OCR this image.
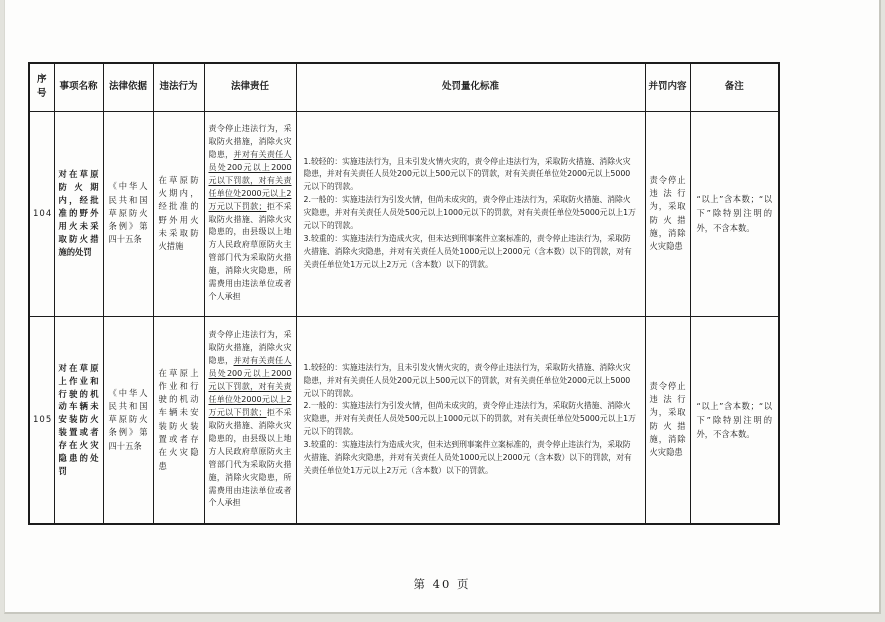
序号	事项名称	法律依据	违法行为	法律责任	处罚量化标准	并罚内容	备注
104	对在草原防火期内，经批准的野外用火未采取防火措施的处罚	《中华人民共和国草原防火条例》第四十五条	在草原防火期内，经批准的野外用火未采取防火措施	责令停止违法行为，采取防火措施，消除火灾隐患，并对有关责任人员处200元以上2000元以下罚款，对有关责任单位处2000元以上2万元以下罚款；拒不采取防火措施、消除火灾隐患的，由县级以上地方人民政府草原防火主管部门代为采取防火措施，消除火灾隐患，所需费用由违法单位或者个人承担	1.较轻的：实施违法行为，且未引发火情火灾的，责令停止违法行为，采取防火措施、消除火灾隐患，并对有关责任人员处200元以上500元以下的罚款，对有关责任单位处2000元以上5000元以下的罚款。

2.一般的：实施违法行为引发火情，但尚未成灾的，责令停止违法行为，采取防火措施、消除火灾隐患，并对有关责任人员处500元以上1000元以下的罚款，对有关责任单位处5000元以上1万元以下的罚款。

3.较重的：实施违法行为造成火灾，但未达到刑事案件立案标准的，责令停止违法行为，采取防火措施、消除火灾隐患，并对有关责任人员处1000元以上2000元（含本数）以下的罚款，对有关责任单位处1万元以上2万元（含本数）以下的罚款。	责令停止违法行为，采取防火措施，消除火灾隐患	“以上”含本数；“以下”除特别注明的外，不含本数。
105	对在草原上作业和行驶的机动车辆未安装防火装置或者存在火灾隐患的处罚	《中华人民共和国草原防火条例》第四十五条	在草原上作业和行驶的机动车辆未安装防火装置或者存在火灾隐患	责令停止违法行为，采取防火措施，消除火灾隐患，并对有关责任人员处200元以上2000元以下罚款，对有关责任单位处2000元以上2万元以下罚款；拒不采取防火措施、消除火灾隐患的，由县级以上地方人民政府草原防火主管部门代为采取防火措施，消除火灾隐患，所需费用由违法单位或者个人承担	1.较轻的：实施违法行为，且未引发火情火灾的，责令停止违法行为，采取防火措施、消除火灾隐患，并对有关责任人员处200元以上500元以下的罚款，对有关责任单位处2000元以上5000元以下的罚款。

2.一般的：实施违法行为引发火情，但尚未成灾的，责令停止违法行为，采取防火措施、消除火灾隐患，并对有关责任人员处500元以上1000元以下的罚款，对有关责任单位处5000元以上1万元以下的罚款。

3.较重的：实施违法行为造成火灾，但未达到刑事案件立案标准的，责令停止违法行为，采取防火措施、消除火灾隐患，并对有关责任人员处1000元以上2000元（含本数）以下的罚款，对有关责任单位处1万元以上2万元（含本数）以下的罚款。	责令停止违法行为，采取防火措施，消除火灾隐患	“以上”含本数；“以下”除特别注明的外，不含本数。
第 40 页
